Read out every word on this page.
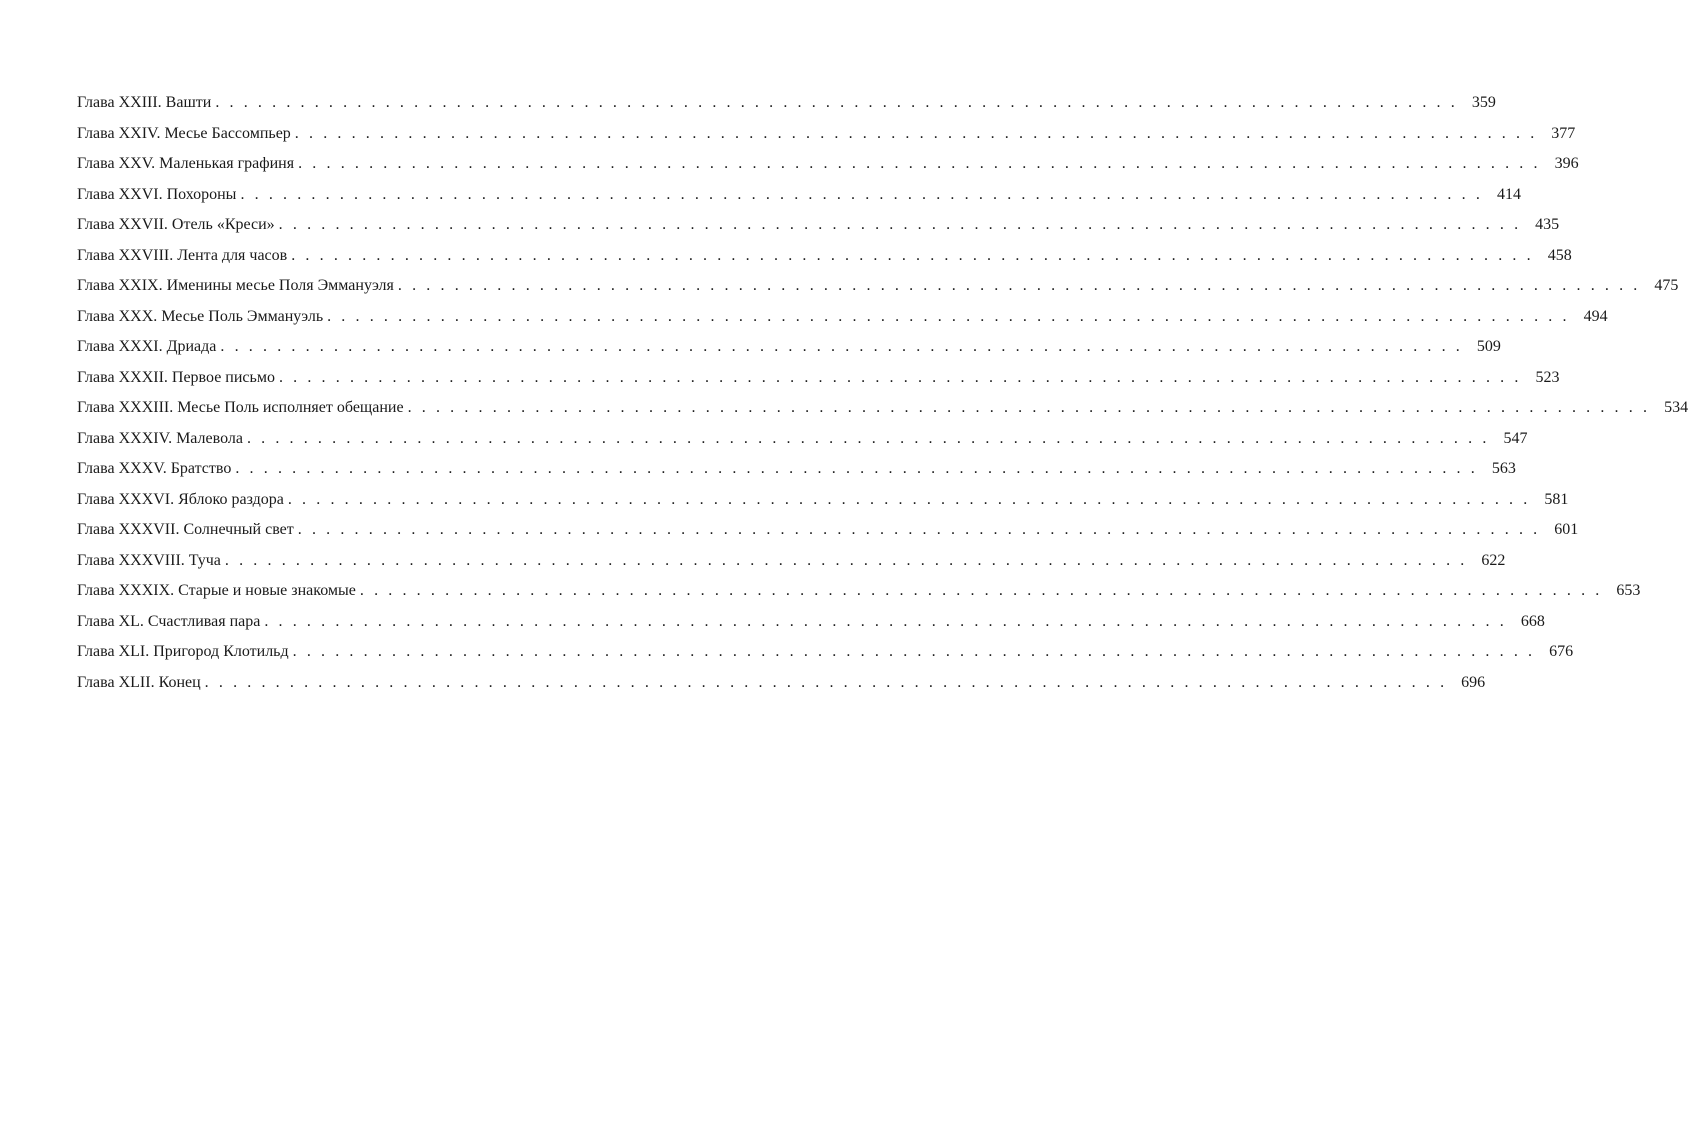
Глава XXIII. Вашти . . . . . . . . . . . . . . . . . . . . . . . . . . . . . . . . . . . . . . . . . . . . . . . . . . . . . . . . . . . . . . . . . . . . . . . . . . . . . . . . . . . . . . . . 359
Глава XXIV. Месье Бассомпьер . . . . . . . . . . . . . . . . . . . . . . . . . . . . . . . . . . . . . . . . . . . . . . . . . . . . . . . . . . . . . . . . . . . . . . . . . . . . . . . . . . . . . . . . 377
Глава XXV. Маленькая графиня . . . . . . . . . . . . . . . . . . . . . . . . . . . . . . . . . . . . . . . . . . . . . . . . . . . . . . . . . . . . . . . . . . . . . . . . . . . . . . . . . . . . . . . . 396
Глава XXVI. Похороны . . . . . . . . . . . . . . . . . . . . . . . . . . . . . . . . . . . . . . . . . . . . . . . . . . . . . . . . . . . . . . . . . . . . . . . . . . . . . . . . . . . . . . . . 414
Глава XXVII. Отель «Креси» . . . . . . . . . . . . . . . . . . . . . . . . . . . . . . . . . . . . . . . . . . . . . . . . . . . . . . . . . . . . . . . . . . . . . . . . . . . . . . . . . . . . . . . . 435
Глава XXVIII. Лента для часов . . . . . . . . . . . . . . . . . . . . . . . . . . . . . . . . . . . . . . . . . . . . . . . . . . . . . . . . . . . . . . . . . . . . . . . . . . . . . . . . . . . . . . . . 458
Глава XXIX. Именины месье Поля Эммануэля . . . . . . . . . . . . . . . . . . . . . . . . . . . . . . . . . . . . . . . . . . . . . . . . . . . . . . . . . . . . . . . . . . . . . . . . . . . . . . . . . . . . . . . . 475
Глава XXX. Месье Поль Эммануэль . . . . . . . . . . . . . . . . . . . . . . . . . . . . . . . . . . . . . . . . . . . . . . . . . . . . . . . . . . . . . . . . . . . . . . . . . . . . . . . . . . . . . . . . 494
Глава XXXI. Дриада . . . . . . . . . . . . . . . . . . . . . . . . . . . . . . . . . . . . . . . . . . . . . . . . . . . . . . . . . . . . . . . . . . . . . . . . . . . . . . . . . . . . . . . . 509
Глава XXXII. Первое письмо . . . . . . . . . . . . . . . . . . . . . . . . . . . . . . . . . . . . . . . . . . . . . . . . . . . . . . . . . . . . . . . . . . . . . . . . . . . . . . . . . . . . . . . . 523
Глава XXXIII. Месье Поль исполняет обещание . . . . . . . . . . . . . . . . . . . . . . . . . . . . . . . . . . . . . . . . . . . . . . . . . . . . . . . . . . . . . . . . . . . . . . . . . . . . . . . . . . . . . . . . 534
Глава XXXIV. Малевола . . . . . . . . . . . . . . . . . . . . . . . . . . . . . . . . . . . . . . . . . . . . . . . . . . . . . . . . . . . . . . . . . . . . . . . . . . . . . . . . . . . . . . . . 547
Глава XXXV. Братство . . . . . . . . . . . . . . . . . . . . . . . . . . . . . . . . . . . . . . . . . . . . . . . . . . . . . . . . . . . . . . . . . . . . . . . . . . . . . . . . . . . . . . . . 563
Глава XXXVI. Яблоко раздора . . . . . . . . . . . . . . . . . . . . . . . . . . . . . . . . . . . . . . . . . . . . . . . . . . . . . . . . . . . . . . . . . . . . . . . . . . . . . . . . . . . . . . . . 581
Глава XXXVII. Солнечный свет . . . . . . . . . . . . . . . . . . . . . . . . . . . . . . . . . . . . . . . . . . . . . . . . . . . . . . . . . . . . . . . . . . . . . . . . . . . . . . . . . . . . . . . . 601
Глава XXXVIII. Туча . . . . . . . . . . . . . . . . . . . . . . . . . . . . . . . . . . . . . . . . . . . . . . . . . . . . . . . . . . . . . . . . . . . . . . . . . . . . . . . . . . . . . . . . 622
Глава XXXIX. Старые и новые знакомые . . . . . . . . . . . . . . . . . . . . . . . . . . . . . . . . . . . . . . . . . . . . . . . . . . . . . . . . . . . . . . . . . . . . . . . . . . . . . . . . . . . . . . . . 653
Глава XL. Счастливая пара . . . . . . . . . . . . . . . . . . . . . . . . . . . . . . . . . . . . . . . . . . . . . . . . . . . . . . . . . . . . . . . . . . . . . . . . . . . . . . . . . . . . . . . . 668
Глава XLI. Пригород Клотильд . . . . . . . . . . . . . . . . . . . . . . . . . . . . . . . . . . . . . . . . . . . . . . . . . . . . . . . . . . . . . . . . . . . . . . . . . . . . . . . . . . . . . . . . 676
Глава XLII. Конец . . . . . . . . . . . . . . . . . . . . . . . . . . . . . . . . . . . . . . . . . . . . . . . . . . . . . . . . . . . . . . . . . . . . . . . . . . . . . . . . . . . . . . . . 696
